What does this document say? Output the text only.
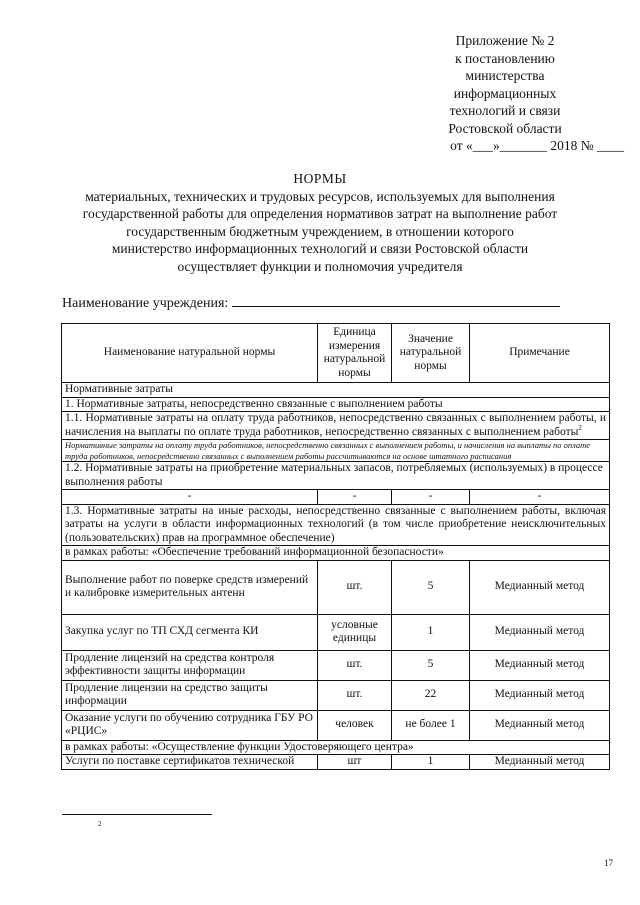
Приложение № 2
к постановлению
министерства
информационных
технологий и связи
Ростовской области
от «___»_______ 2018 № ____
НОРМЫ
материальных, технических и трудовых ресурсов, используемых для выполнения
государственной работы для определения нормативов затрат на выполнение работ
государственным бюджетным учреждением, в отношении которого
министерство информационных технологий и связи Ростовской области
осуществляет функции и полномочия учредителя
Наименование учреждения:
Наименование натуральной нормы	Единица измерения натуральной нормы	Значение натуральной нормы	Примечание
Нормативные затраты			
1. Нормативные затраты, непосредственно связанные с выполнением работы			
1.1. Нормативные затраты на оплату труда работников, непосредственно связанных с выполнением работы, и начисления на выплаты по оплате труда работников, непосредственно связанных с выполнением работы$^2$
Нормативные затраты на оплату труда работников, непосредственно связанных с выполнением работы, и начисления на выплаты по оплате труда работников, непосредственно связанных с выполнением работы рассчитываются на основе штатного расписания			
1.2. Нормативные затраты на приобретение материальных запасов, потребляемых (используемых) в процессе выполнения работы			
-	-	-	-
1.3. Нормативные затраты на иные расходы, непосредственно связанные с выполнением работы, включая затраты на услуги в области информационных технологий (в том числе приобретение неисключительных (пользовательских) прав на программное обеспечение)			
в рамках работы: «Обеспечение требований информационной безопасности»			
Выполнение работ по поверке средств измерений и калибровке измерительных антенн	шт.	5	Медианный метод
Закупка услуг по ТП СХД сегмента КИ	условные единицы	1	Медианный метод
Продление лицензий на средства контроля эффективности защиты информации	шт.	5	Медианный метод
Продление лицензии на средство защиты информации	шт.	22	Медианный метод
Оказание услуги по обучению сотрудника ГБУ РО «РЦИС»	человек	не более 1	Медианный метод
в рамках работы: «Осуществление функции Удостоверяющего центра»			
Услуги по поставке сертификатов технической	шт	1	Медианный метод
2
17
